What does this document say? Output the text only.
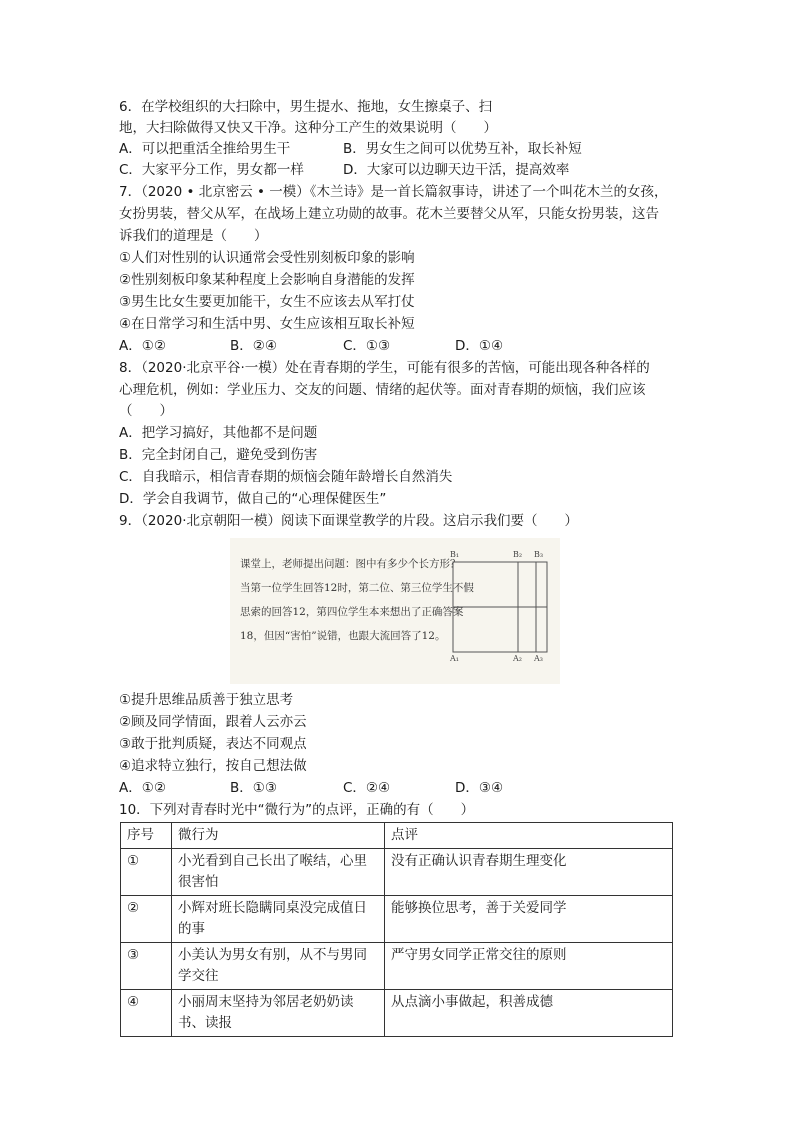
6．在学校组织的大扫除中，男生提水、拖地，女生擦桌子、扫
地，大扫除做得又快又干净。这种分工产生的效果说明（　　）
A．可以把重活全推给男生干	B．男女生之间可以优势互补，取长补短
C．大家平分工作，男女都一样	D．大家可以边聊天边干活，提高效率
7．（2020 • 北京密云 • 一模）《木兰诗》是一首长篇叙事诗，讲述了一个叫花木兰的女孩，
女扮男装，替父从军，在战场上建立功勋的故事。花木兰要替父从军，只能女扮男装，这告
诉我们的道理是（　　）
①人们对性别的认识通常会受性别刻板印象的影响
②性别刻板印象某种程度上会影响自身潜能的发挥
③男生比女生要更加能干，女生不应该去从军打仗
④在日常学习和生活中男、女生应该相互取长补短
A．①②	B．②④	C．①③	D．①④
8．（2020·北京平谷·一模）处在青春期的学生，可能有很多的苦恼，可能出现各种各样的
心理危机，例如：学业压力、交友的问题、情绪的起伏等。面对青春期的烦恼，我们应该
（　　）
A．把学习搞好，其他都不是问题
B．完全封闭自己，避免受到伤害
C．自我暗示，相信青春期的烦恼会随年龄增长自然消失
D．学会自我调节，做自己的“心理保健医生”
9．（2020·北京朝阳一模）阅读下面课堂教学的片段。这启示我们要（　　）
课堂上，老师提出问题：图中有多少个长方形？
当第一位学生回答12时，第二位、第三位学生不假
思索的回答12，第四位学生本来想出了正确答案
18，但因“害怕”说错，也跟大流回答了12。
B₁	B₂ B₃
A₁	A₂ A₃
①提升思维品质善于独立思考
②顾及同学情面，跟着人云亦云
③敢于批判质疑，表达不同观点
④追求特立独行，按自己想法做
A．①②	B．①③	C．②④	D．③④
10．下列对青春时光中“微行为”的点评，正确的有（　　）
序号	微行为	点评
①	小光看到自己长出了喉结，心里很害怕	没有正确认识青春期生理变化
②	小辉对班长隐瞒同桌没完成值日的事	能够换位思考，善于关爱同学
③	小美认为男女有别，从不与男同学交往	严守男女同学正常交往的原则
④	小丽周末坚持为邻居老奶奶读书、读报	从点滴小事做起，积善成德
